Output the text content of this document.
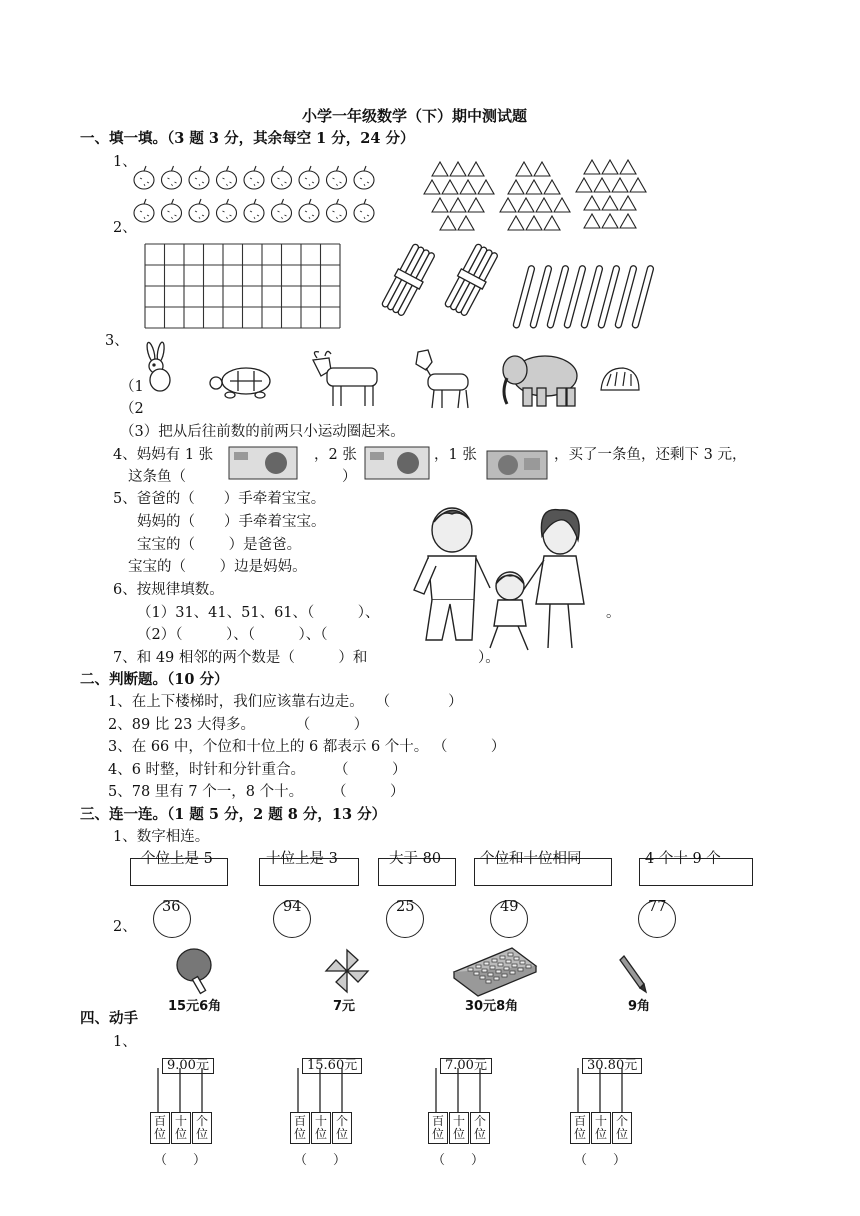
小学一年级数学（下）期中测试题
一、填一填。（3 题 3 分，其余每空 1 分，24 分）
1、
2、
3、
（1
（2
（3）把从后往前数的前两只小运动圈起来。
4、妈妈有 1 张	，2 张	，1 张	，买了一条鱼，还剩下 3 元，
这条鱼（	）
5、爸爸的（　　）手牵着宝宝。
妈妈的（　　）手牵着宝宝。
宝宝的（　　 ）是爸爸。
宝宝的（　　 ）边是妈妈。
6、按规律填数。
（1）31、41、51、61、（　　　）、	。
（2）（　　　）、（　　　）、（
7、和 49 相邻的两个数是（　　　）和	）。
二、判断题。（10 分）
1、在上下楼梯时，我们应该靠右边走。　 （　　　　）
2、89 比 23 大得多。　　　 （　　　）
3、在 66 中，个位和十位上的 6 都表示 6 个十。 （　　　）
4、6 时整，时针和分针重合。　　　（　　　）
5、78 里有 7 个一，8 个十。　　　（　　　）
三、连一连。（1 题 5 分，2 题 8 分，13 分）
1、数字相连。
个位上是 5	十位上是 3	大于 80	个位和十位相同	4 个十 9 个
36	94	25	49	77
2、
15元6角	7元	30元8角	9角
四、动手
1、
9.00元
百
位
十
位
个
位
（　　）
15.60元
百
位
十
位
个
位
（　　）
7.00元
百
位
十
位
个
位
（　　）
30.80元
百
位
十
位
个
位
（　　）
